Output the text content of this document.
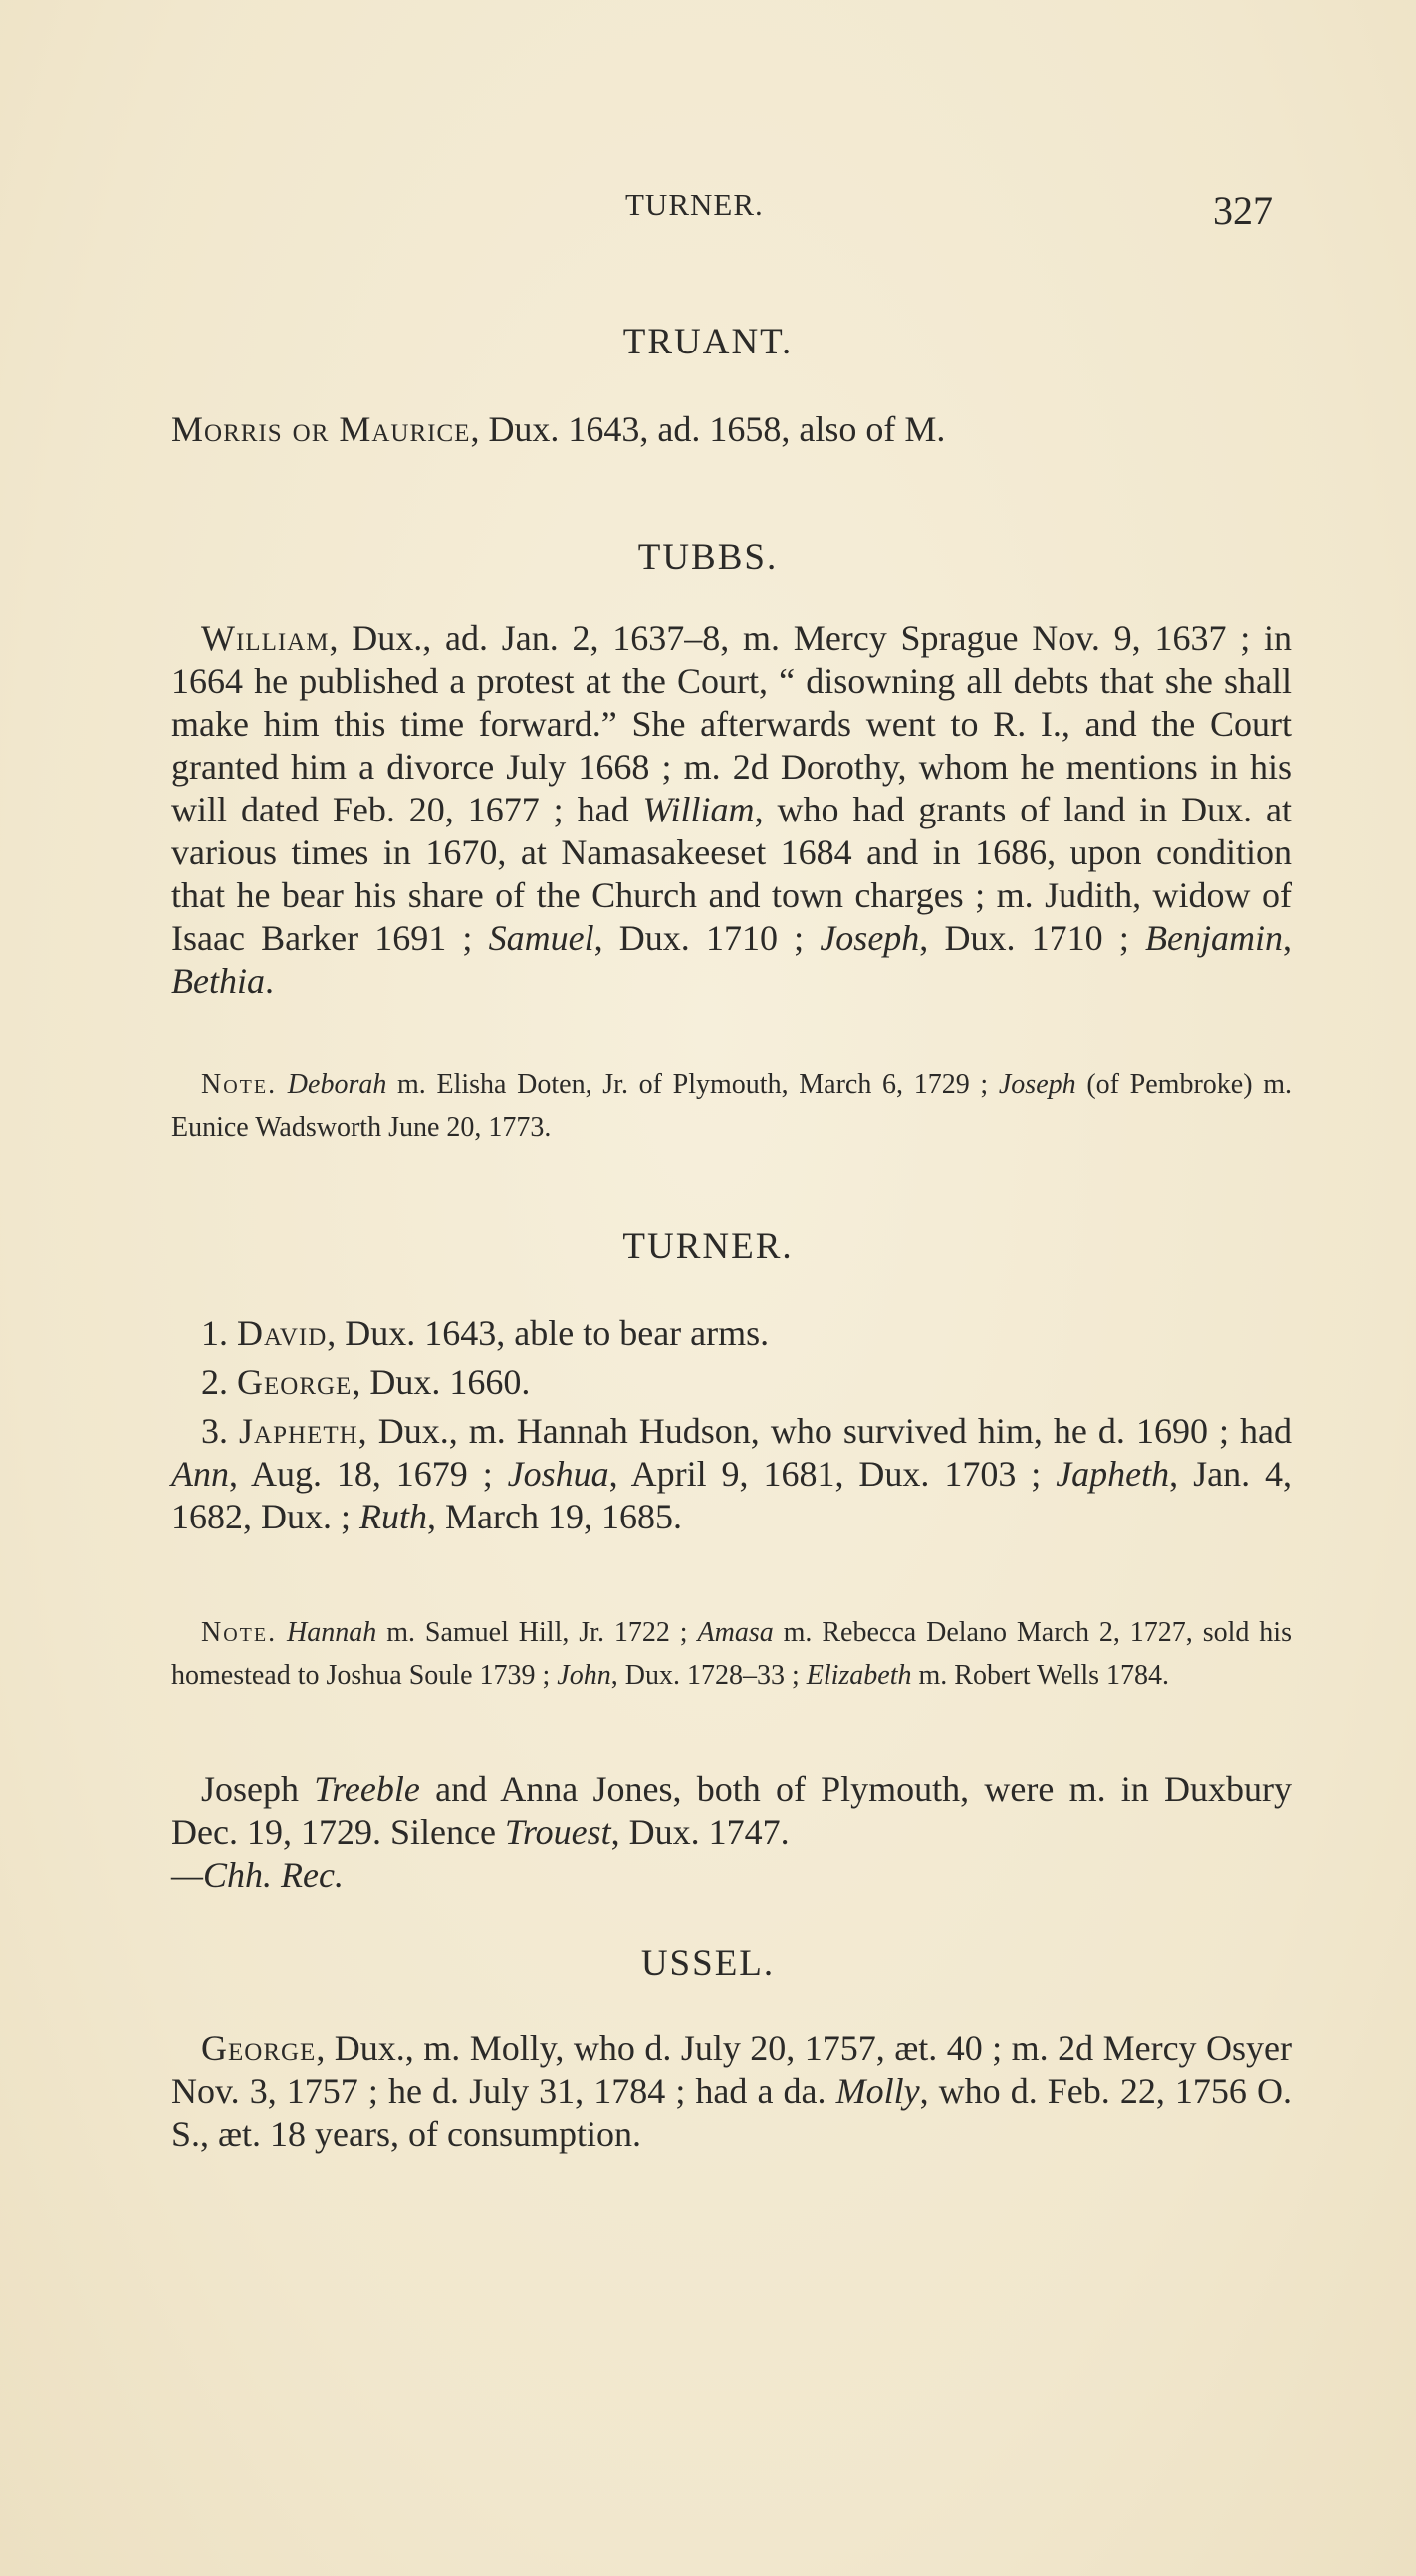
TURNER.	327
TRUANT.

Morris or Maurice, Dux. 1643, ad. 1658, also of M.

TUBBS.

William, Dux., ad. Jan. 2, 1637–8, m. Mercy Sprague Nov. 9, 1637 ; in 1664 he published a protest at the Court, “ disowning all debts that she shall make him this time forward.” She afterwards went to R. I., and the Court granted him a divorce July 1668 ; m. 2d Dorothy, whom he mentions in his will dated Feb. 20, 1677 ; had William, who had grants of land in Dux. at various times in 1670, at Namasakeeset 1684 and in 1686, upon condition that he bear his share of the Church and town charges ; m. Judith, widow of Isaac Barker 1691 ; Samuel, Dux. 1710 ; Joseph, Dux. 1710 ; Benjamin, Bethia.

Note. Deborah m. Elisha Doten, Jr. of Plymouth, March 6, 1729 ; Joseph (of Pembroke) m. Eunice Wadsworth June 20, 1773.

TURNER.

1. David, Dux. 1643, able to bear arms.

2. George, Dux. 1660.

3. Japheth, Dux., m. Hannah Hudson, who survived him, he d. 1690 ; had Ann, Aug. 18, 1679 ; Joshua, April 9, 1681, Dux. 1703 ; Japheth, Jan. 4, 1682, Dux. ; Ruth, March 19, 1685.

Note. Hannah m. Samuel Hill, Jr. 1722 ; Amasa m. Rebecca Delano March 2, 1727, sold his homestead to Joshua Soule 1739 ; John, Dux. 1728–33 ; Elizabeth m. Robert Wells 1784.

Joseph Treeble and Anna Jones, both of Plymouth, were m. in Duxbury Dec. 19, 1729. Silence Trouest, Dux. 1747.

—Chh. Rec.

USSEL.

George, Dux., m. Molly, who d. July 20, 1757, æt. 40 ; m. 2d Mercy Osyer Nov. 3, 1757 ; he d. July 31, 1784 ; had a da. Molly, who d. Feb. 22, 1756 O. S., æt. 18 years, of consumption.
